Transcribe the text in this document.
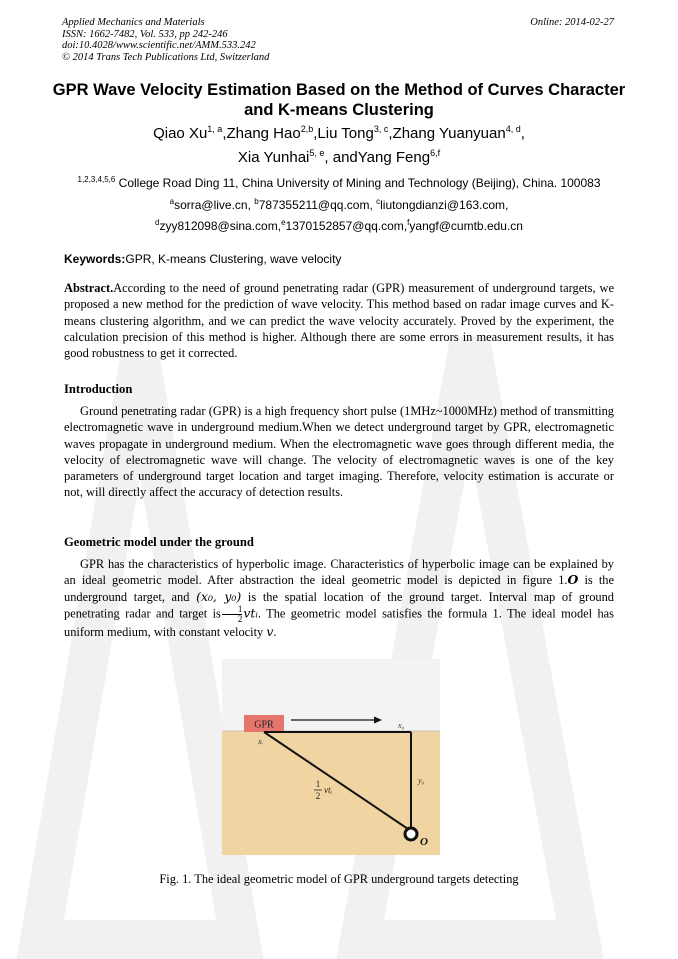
Applied Mechanics and Materials
ISSN: 1662-7482, Vol. 533, pp 242-246
doi:10.4028/www.scientific.net/AMM.533.242
© 2014 Trans Tech Publications Ltd, Switzerland
Online: 2014-02-27
GPR Wave Velocity Estimation Based on the Method of Curves Character and K-means Clustering
Qiao Xu$^{1, a}$,Zhang Hao$^{2,b}$,Liu Tong$^{3, c}$,Zhang Yuanyuan$^{4, d}$,
Xia Yunhai$^{5, e}$, andYang Feng$^{6,f}$
$^{1,2,3,4,5,6}$ College Road Ding 11, China University of Mining and Technology (Beijing), China. 100083
$^a$sorra@live.cn, $^b$787355211@qq.com, $^c$liutongdianzi@163.com,
$^d$zyy812098@sina.com,$^e$1370152857@qq.com,$^f$yangf@cumtb.edu.cn
Keywords:GPR, K-means Clustering, wave velocity

Abstract.According to the need of ground penetrating radar (GPR) measurement of underground targets, we proposed a new method for the prediction of wave velocity. This method based on radar image curves and K-means clustering algorithm, and we can predict the wave velocity accurately. Proved by the experiment, the calculation precision of this method is higher. Although there are some errors in measurement results, it has good robustness to get it corrected.

Introduction

Ground penetrating radar (GPR) is a high frequency short pulse (1MHz~1000MHz) method of transmitting electromagnetic wave in underground medium.When we detect underground target by GPR, electromagnetic waves propagate in underground medium. When the electromagnetic wave goes through different media, the velocity of electromagnetic wave will change. The velocity of electromagnetic waves is one of the key parameters of underground target location and target imaging. Therefore, velocity estimation is accurate or not, will directly affect the accuracy of detection results.

Geometric model under the ground

GPR has the characteristics of hyperbolic image. Characteristics of hyperbolic image can be explained by an ideal geometric model. After abstraction the ideal geometric model is depicted in figure 1.O is the underground target, and (x₀, y₀) is the spatial location of the ground target. Interval map of ground penetrating radar and target is $\frac{1}{2}$ vtᵢ. The geometric model satisfies the formula 1. The ideal model has uniform medium, with constant velocity v.

GPR	x₀
xᵢ
y₀
1
2
vtᵢ
O
Fig. 1. The ideal geometric model of GPR underground targets detecting
